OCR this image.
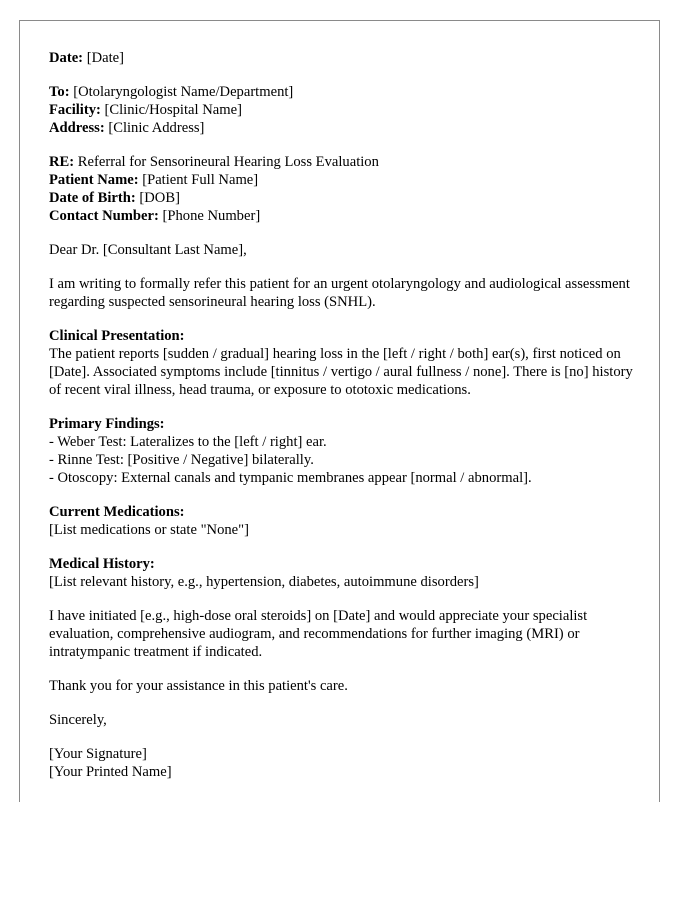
Date: [Date]
To: [Otolaryngologist Name/Department]
Facility: [Clinic/Hospital Name]
Address: [Clinic Address]
RE: Referral for Sensorineural Hearing Loss Evaluation
Patient Name: [Patient Full Name]
Date of Birth: [DOB]
Contact Number: [Phone Number]
Dear Dr. [Consultant Last Name],
I am writing to formally refer this patient for an urgent otolaryngology and audiological assessment regarding suspected sensorineural hearing loss (SNHL).
Clinical Presentation:
The patient reports [sudden / gradual] hearing loss in the [left / right / both] ear(s), first noticed on [Date]. Associated symptoms include [tinnitus / vertigo / aural fullness / none]. There is [no] history of recent viral illness, head trauma, or exposure to ototoxic medications.
Primary Findings:
- Weber Test: Lateralizes to the [left / right] ear.
- Rinne Test: [Positive / Negative] bilaterally.
- Otoscopy: External canals and tympanic membranes appear [normal / abnormal].
Current Medications:
[List medications or state "None"]
Medical History:
[List relevant history, e.g., hypertension, diabetes, autoimmune disorders]
I have initiated [e.g., high-dose oral steroids] on [Date] and would appreciate your specialist evaluation, comprehensive audiogram, and recommendations for further imaging (MRI) or intratympanic treatment if indicated.
Thank you for your assistance in this patient's care.
Sincerely,
[Your Signature]
[Your Printed Name]
